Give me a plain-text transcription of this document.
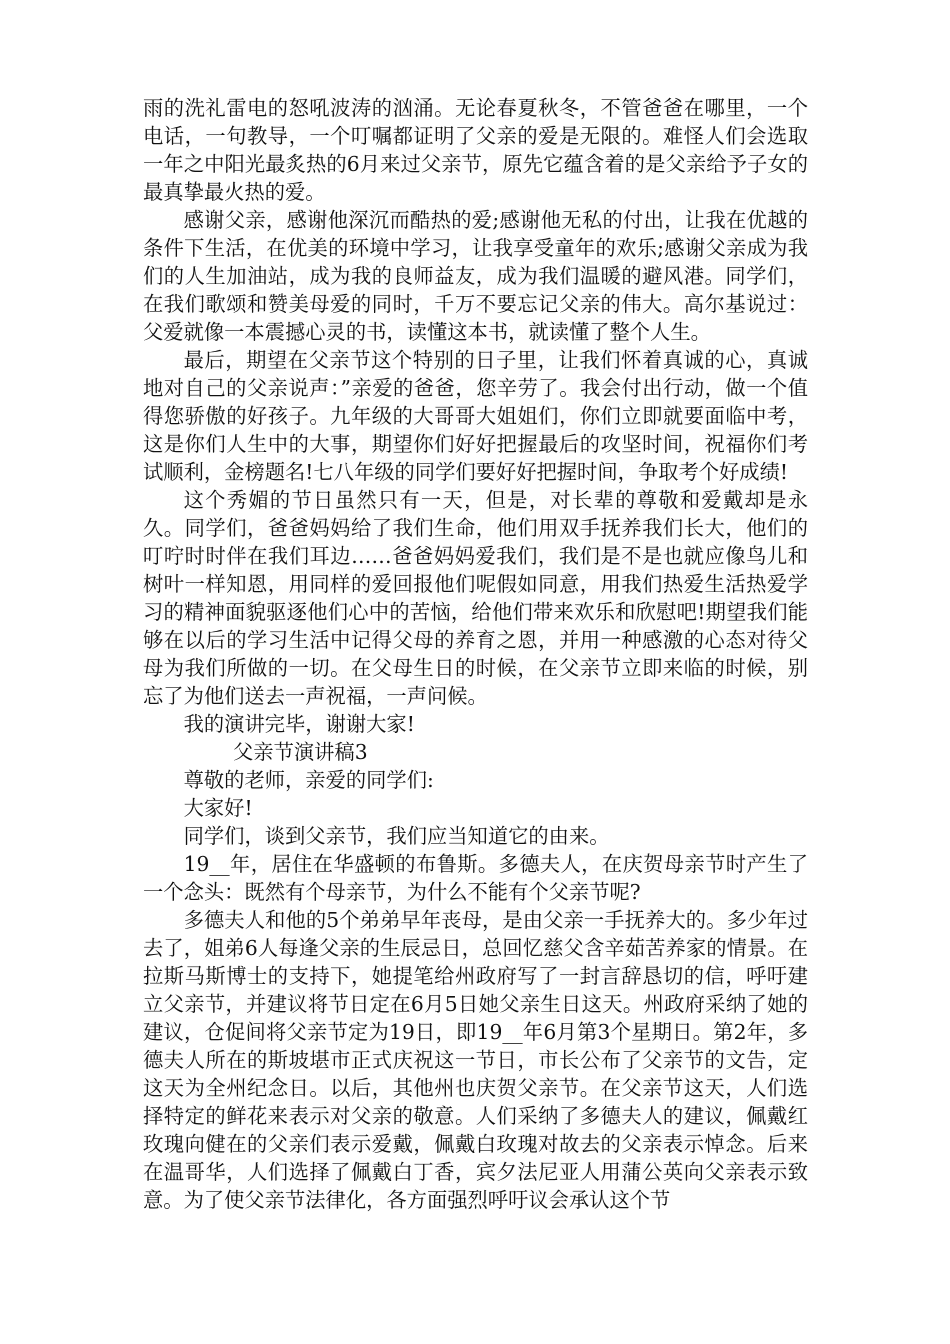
雨的洗礼雷电的怒吼波涛的汹涌。无论春夏秋冬，不管爸爸在哪里，一个电话，一句教导，一个叮嘱都证明了父亲的爱是无限的。难怪人们会选取一年之中阳光最炙热的6月来过父亲节，原先它蕴含着的是父亲给予子女的最真挚最火热的爱。

感谢父亲，感谢他深沉而酷热的爱;感谢他无私的付出，让我在优越的条件下生活，在优美的环境中学习，让我享受童年的欢乐;感谢父亲成为我们的人生加油站，成为我的良师益友，成为我们温暖的避风港。同学们，在我们歌颂和赞美母爱的同时，千万不要忘记父亲的伟大。高尔基说过：父爱就像一本震撼心灵的书，读懂这本书，就读懂了整个人生。

最后，期望在父亲节这个特别的日子里，让我们怀着真诚的心，真诚地对自己的父亲说声：”亲爱的爸爸，您辛劳了。我会付出行动，做一个值得您骄傲的好孩子。九年级的大哥哥大姐姐们，你们立即就要面临中考，这是你们人生中的大事，期望你们好好把握最后的攻坚时间，祝福你们考试顺利，金榜题名!七八年级的同学们要好好把握时间，争取考个好成绩!

这个秀媚的节日虽然只有一天，但是，对长辈的尊敬和爱戴却是永久。同学们，爸爸妈妈给了我们生命，他们用双手抚养我们长大，他们的叮咛时时伴在我们耳边……爸爸妈妈爱我们，我们是不是也就应像鸟儿和树叶一样知恩，用同样的爱回报他们呢假如同意，用我们热爱生活热爱学习的精神面貌驱逐他们心中的苦恼，给他们带来欢乐和欣慰吧!期望我们能够在以后的学习生活中记得父母的养育之恩，并用一种感激的心态对待父母为我们所做的一切。在父母生日的时候，在父亲节立即来临的时候，别忘了为他们送去一声祝福，一声问候。

我的演讲完毕，谢谢大家!

父亲节演讲稿3

尊敬的老师，亲爱的同学们:

大家好!

同学们，谈到父亲节，我们应当知道它的由来。

19__年，居住在华盛顿的布鲁斯。多德夫人，在庆贺母亲节时产生了一个念头：既然有个母亲节，为什么不能有个父亲节呢?

多德夫人和他的5个弟弟早年丧母，是由父亲一手抚养大的。多少年过去了，姐弟6人每逢父亲的生辰忌日，总回忆慈父含辛茹苦养家的情景。在拉斯马斯博士的支持下，她提笔给州政府写了一封言辞恳切的信，呼吁建立父亲节，并建议将节日定在6月5日她父亲生日这天。州政府采纳了她的建议，仓促间将父亲节定为19日，即19__年6月第3个星期日。第2年，多德夫人所在的斯坡堪市正式庆祝这一节日，市长公布了父亲节的文告，定这天为全州纪念日。以后，其他州也庆贺父亲节。在父亲节这天，人们选择特定的鲜花来表示对父亲的敬意。人们采纳了多德夫人的建议，佩戴红玫瑰向健在的父亲们表示爱戴，佩戴白玫瑰对故去的父亲表示悼念。后来在温哥华，人们选择了佩戴白丁香，宾夕法尼亚人用蒲公英向父亲表示致意。为了使父亲节法律化，各方面强烈呼吁议会承认这个节
